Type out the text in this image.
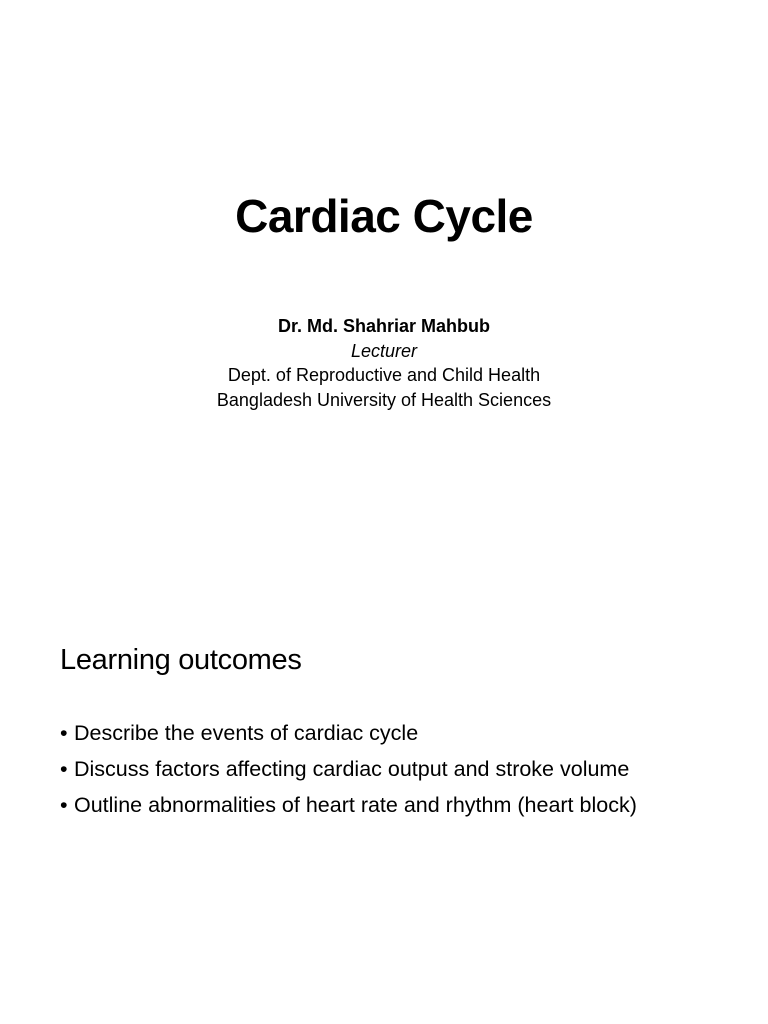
Cardiac Cycle
Dr. Md. Shahriar Mahbub
Lecturer
Dept. of Reproductive and Child Health
Bangladesh University of Health Sciences
Learning outcomes
• Describe the events of cardiac cycle
• Discuss factors affecting cardiac output and stroke volume
• Outline abnormalities of heart rate and rhythm (heart block)
